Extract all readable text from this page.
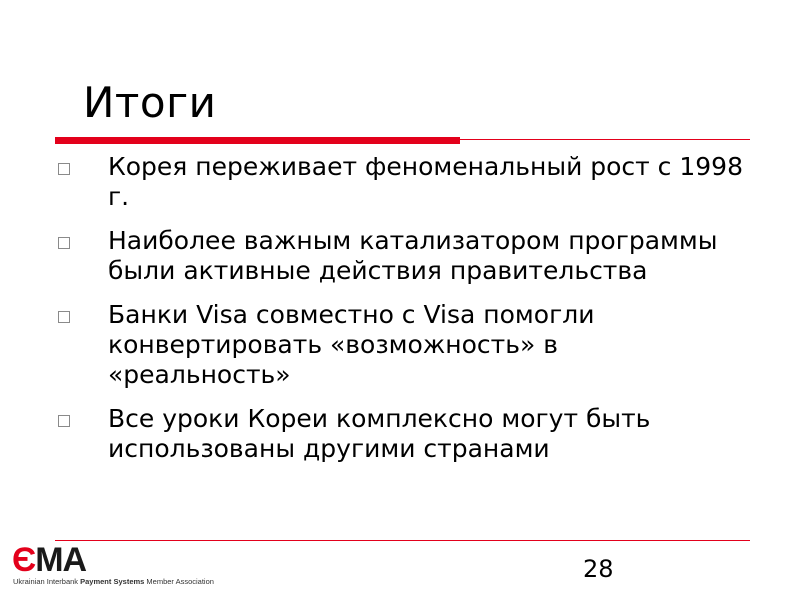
Итоги
Корея переживает феноменальный рост с 1998 г.
Наиболее важным катализатором программы были активные действия правительства
Банки Visa совместно с Visa помогли конвертировать «возможность» в «реальность»
Все уроки Кореи комплексно могут быть использованы другими странами
ЄMA
Ukrainian Interbank Payment Systems Member Association	28
